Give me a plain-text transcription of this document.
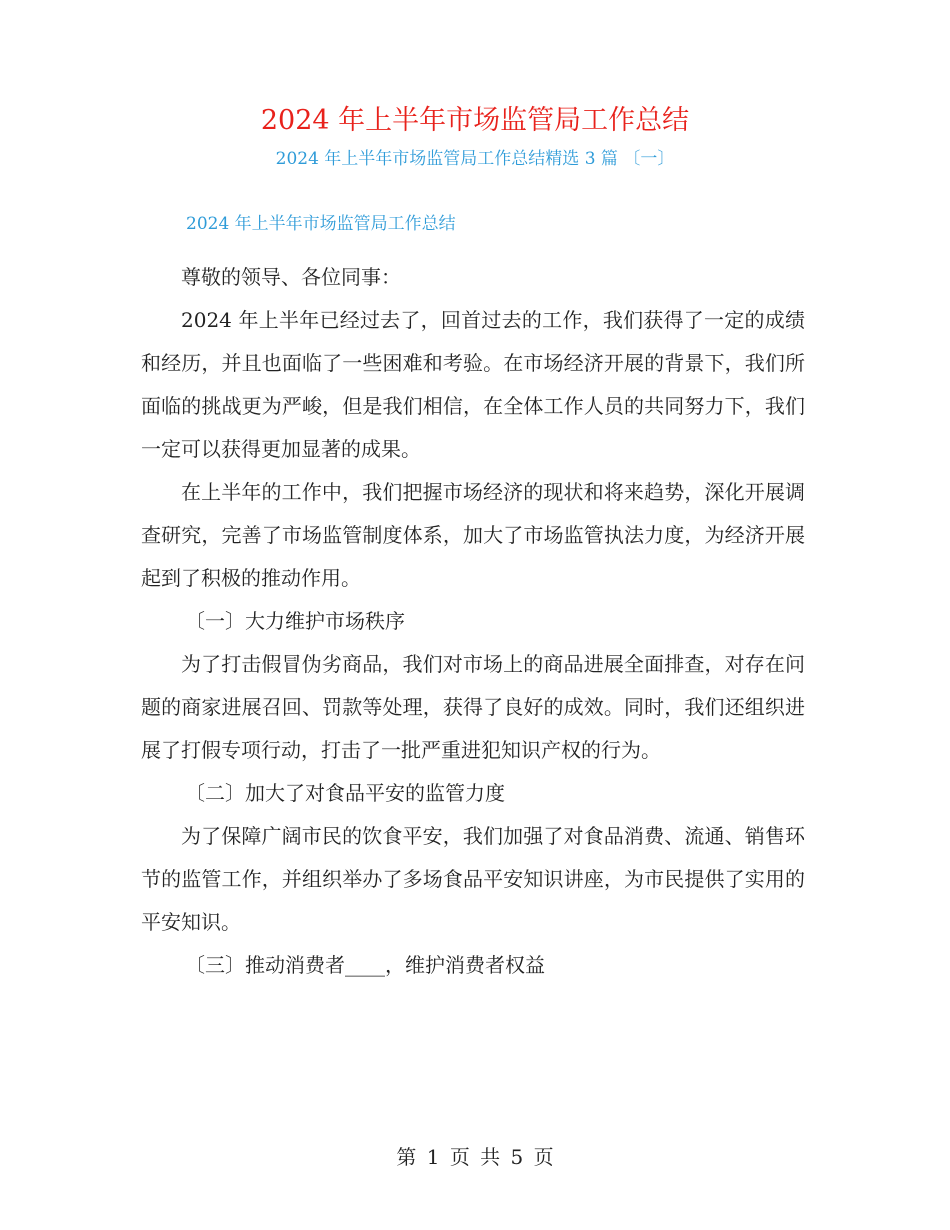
2024 年上半年市场监管局工作总结
2024 年上半年市场监管局工作总结精选 3 篇 〔一〕
2024 年上半年市场监管局工作总结

尊敬的领导、各位同事：

2024 年上半年已经过去了，回首过去的工作，我们获得了一定的成绩和经历，并且也面临了一些困难和考验。在市场经济开展的背景下，我们所面临的挑战更为严峻，但是我们相信，在全体工作人员的共同努力下，我们一定可以获得更加显著的成果。

在上半年的工作中，我们把握市场经济的现状和将来趋势，深化开展调查研究，完善了市场监管制度体系，加大了市场监管执法力度，为经济开展起到了积极的推动作用。

〔一〕大力维护市场秩序

为了打击假冒伪劣商品，我们对市场上的商品进展全面排查，对存在问题的商家进展召回、罚款等处理，获得了良好的成效。同时，我们还组织进展了打假专项行动，打击了一批严重进犯知识产权的行为。

〔二〕加大了对食品平安的监管力度

为了保障广阔市民的饮食平安，我们加强了对食品消费、流通、销售环节的监管工作，并组织举办了多场食品平安知识讲座，为市民提供了实用的平安知识。

〔三〕推动消费者____，维护消费者权益

第 1 页 共 5 页
